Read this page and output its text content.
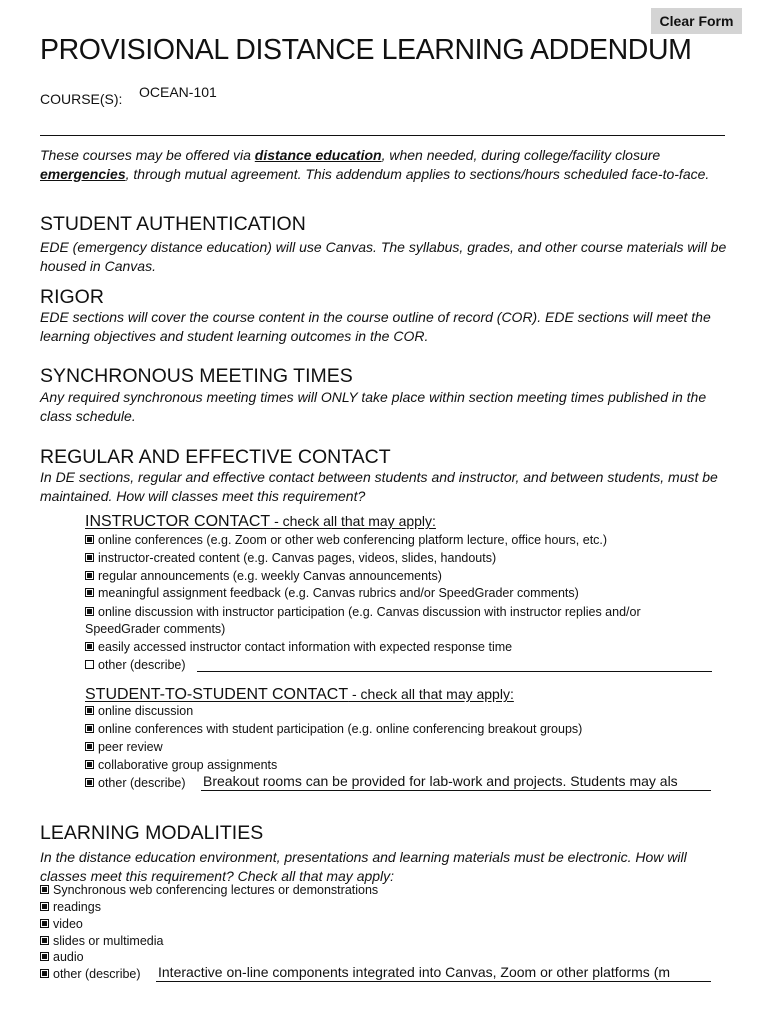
Clear Form
PROVISIONAL DISTANCE LEARNING ADDENDUM
COURSE(S): OCEAN-101
These courses may be offered via distance education, when needed, during college/facility closure emergencies, through mutual agreement. This addendum applies to sections/hours scheduled face-to-face.
STUDENT AUTHENTICATION
EDE (emergency distance education) will use Canvas. The syllabus, grades, and other course materials will be housed in Canvas.
RIGOR
EDE sections will cover the course content in the course outline of record (COR). EDE sections will meet the learning objectives and student learning outcomes in the COR.
SYNCHRONOUS MEETING TIMES
Any required synchronous meeting times will ONLY take place within section meeting times published in the class schedule.
REGULAR AND EFFECTIVE CONTACT
In DE sections, regular and effective contact between students and instructor, and between students, must be maintained. How will classes meet this requirement?
INSTRUCTOR CONTACT - check all that may apply:
online conferences (e.g. Zoom or other web conferencing platform lecture, office hours, etc.)
instructor-created content (e.g. Canvas pages, videos, slides, handouts)
regular announcements (e.g. weekly Canvas announcements)
meaningful assignment feedback (e.g. Canvas rubrics and/or SpeedGrader comments)
online discussion with instructor participation (e.g. Canvas discussion with instructor replies and/or
SpeedGrader comments)
easily accessed instructor contact information with expected response time
other (describe)
STUDENT-TO-STUDENT CONTACT - check all that may apply:
online discussion
online conferences with student participation (e.g. online conferencing breakout groups)
peer review
collaborative group assignments
other (describe) Breakout rooms can be provided for lab-work and projects. Students may als
LEARNING MODALITIES
In the distance education environment, presentations and learning materials must be electronic. How will classes meet this requirement? Check all that may apply:
Synchronous web conferencing lectures or demonstrations
readings
video
slides or multimedia
audio
other (describe) Interactive on-line components integrated into Canvas, Zoom or other platforms (m
